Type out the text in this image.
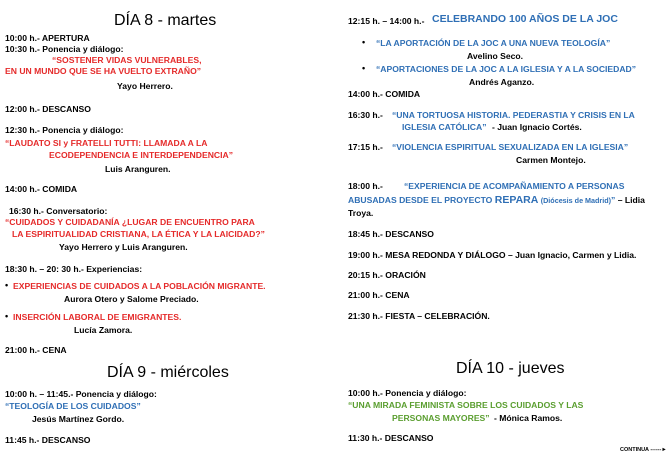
DÍA 8 - martes
10:00 h.- APERTURA
10:30 h.- Ponencia y diálogo:
“SOSTENER VIDAS VULNERABLES,
EN UN MUNDO QUE SE HA VUELTO EXTRAÑO”
Yayo Herrero.
12:00 h.- DESCANSO
12:30 h.- Ponencia y diálogo:
“LAUDATO SI y FRATELLI TUTTI: LLAMADA A LA
ECODEPENDENCIA E INTERDEPENDENCIA”
Luis Aranguren.
14:00 h.- COMIDA
16:30 h.- Conversatorio:
“CUIDADOS Y CUIDADANÍA ¿LUGAR DE ENCUENTRO PARA
LA ESPIRITUALIDAD CRISTIANA, LA ÉTICA Y LA LAICIDAD?”
Yayo Herrero y Luis Aranguren.
18:30 h. – 20: 30 h.- Experiencias:
• EXPERIENCIAS DE CUIDADOS A LA POBLACIÓN MIGRANTE.
Aurora Otero y Salome Preciado.
• INSERCIÓN LABORAL DE EMIGRANTES.
Lucía Zamora.
21:00 h.- CENA
DÍA 9 - miércoles
10:00 h. – 11:45.- Ponencia y diálogo:
“TEOLOGÍA DE LOS CUIDADOS”
Jesús Martínez Gordo.
11:45 h.- DESCANSO
12:15 h. – 14:00 h.- CELEBRANDO 100 AÑOS DE LA JOC
• “LA APORTACIÓN DE LA JOC A UNA NUEVA TEOLOGÍA”
Avelino Seco.
• “APORTACIONES DE LA JOC A LA IGLESIA Y A LA SOCIEDAD”
Andrés Aganzo.
14:00 h.- COMIDA
16:30 h.- “UNA TORTUOSA HISTORIA. PEDERASTIA Y CRISIS EN LA
IGLESIA CATÓLICA” - Juan Ignacio Cortés.
17:15 h.- “VIOLENCIA ESPIRITUAL SEXUALIZADA EN LA IGLESIA”
Carmen Montejo.
18:00 h.- “EXPERIENCIA DE ACOMPAÑAMIENTO A PERSONAS
ABUSADAS DESDE EL PROYECTO REPARA (Diócesis de Madrid)” – Lidia
Troya.
18:45 h.- DESCANSO
19:00 h.- MESA REDONDA Y DIÁLOGO – Juan Ignacio, Carmen y Lidia.
20:15 h.- ORACIÓN
21:00 h.- CENA
21:30 h.- FIESTA – CELEBRACIÓN.
DÍA 10 - jueves
10:00 h.- Ponencia y diálogo:
“UNA MIRADA FEMINISTA SOBRE LOS CUIDADOS Y LAS
PERSONAS MAYORES” - Mónica Ramos.
11:30 h.- DESCANSO
CONTINUA ------►
